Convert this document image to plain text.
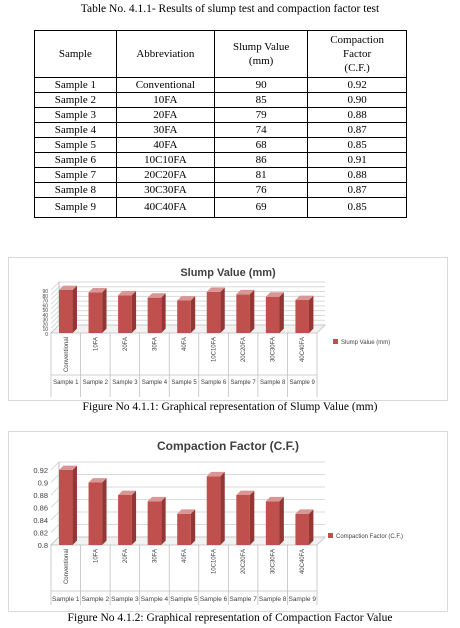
Table No. 4.1.1- Results of slump test and compaction factor test
Sample	Abbreviation	Slump Value (mm)	Compaction Factor (C.F.)
Sample 1	Conventional	90	0.92
Sample 2	10FA	85	0.90
Sample 3	20FA	79	0.88
Sample 4	30FA	74	0.87
Sample 5	40FA	68	0.85
Sample 6	10C10FA	86	0.91
Sample 7	20C20FA	81	0.88
Sample 8	30C30FA	76	0.87
Sample 9	40C40FA	69	0.85
Slump Value (mm)
0
10
20
30
40
50
60
70
80
90
Conventional
Sample 1
10FA
Sample 2
20FA
Sample 3
30FA
Sample 4
40FA
Sample 5
10C10FA
Sample 6
20C20FA
Sample 7
30C30FA
Sample 8
40C40FA
Sample 9
Slump Value (mm)
Figure No 4.1.1: Graphical representation of Slump Value (mm)
Compaction Factor (C.F.)
0.8
0.82
0.84
0.86
0.88
0.9
0.92
Conventional
Sample 1
10FA
Sample 2
20FA
Sample 3
30FA
Sample 4
40FA
Sample 5
10C10FA
Sample 6
20C20FA
Sample 7
30C30FA
Sample 8
40C40FA
Sample 9
Compaction Factor (C.F.)
Figure No 4.1.2: Graphical representation of Compaction Factor Value
